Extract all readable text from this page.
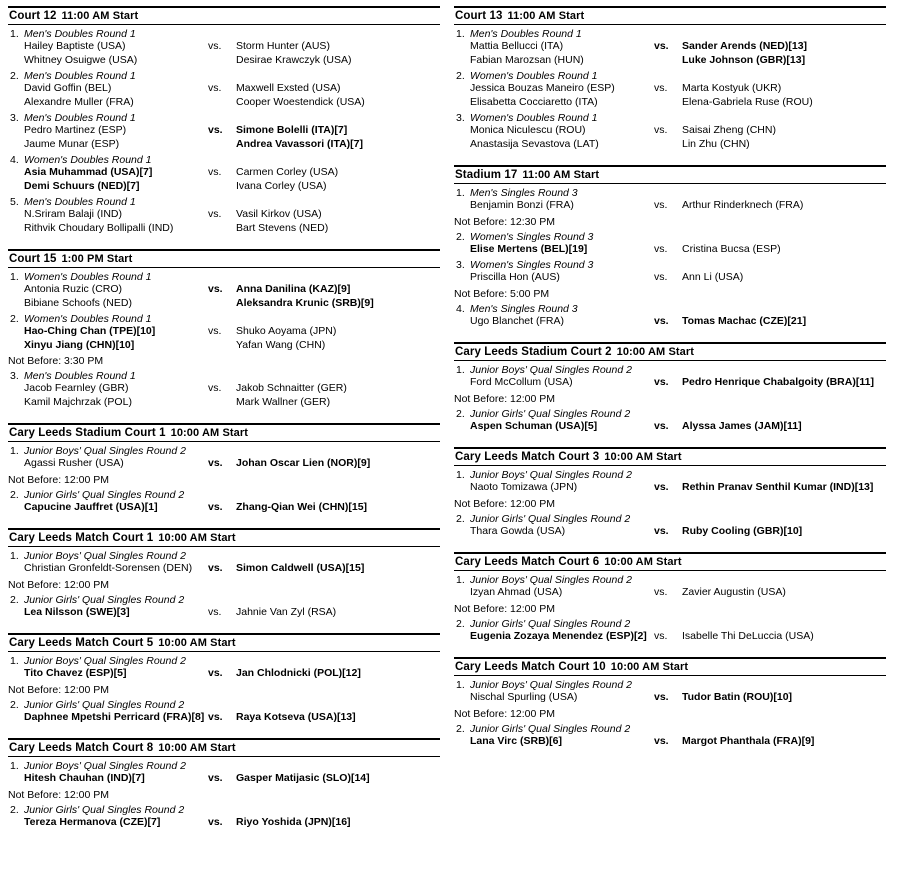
Court 12 11:00 AM Start
1. Men's Doubles Round 1
Hailey Baptiste (USA)
Whitney Osuigwe (USA)
vs.	Storm Hunter (AUS)
Desirae Krawczyk (USA)
2. Men's Doubles Round 1
David Goffin (BEL)
Alexandre Muller (FRA)
vs.	Maxwell Exsted (USA)
Cooper Woestendick (USA)
3. Men's Doubles Round 1
Pedro Martinez (ESP)
Jaume Munar (ESP)
vs.	Simone Bolelli (ITA)[7]
Andrea Vavassori (ITA)[7]
4. Women's Doubles Round 1
Asia Muhammad (USA)[7]
Demi Schuurs (NED)[7]
vs.	Carmen Corley (USA)
Ivana Corley (USA)
5. Men's Doubles Round 1
N.Sriram Balaji (IND)
Rithvik Choudary Bollipalli (IND)
vs.	Vasil Kirkov (USA)
Bart Stevens (NED)
Court 15 1:00 PM Start
1. Women's Doubles Round 1
Antonia Ruzic (CRO)
Bibiane Schoofs (NED)
vs.	Anna Danilina (KAZ)[9]
Aleksandra Krunic (SRB)[9]
2. Women's Doubles Round 1
Hao-Ching Chan (TPE)[10]
Xinyu Jiang (CHN)[10]
vs.	Shuko Aoyama (JPN)
Yafan Wang (CHN)
Not Before: 3:30 PM
3. Men's Doubles Round 1
Jacob Fearnley (GBR)
Kamil Majchrzak (POL)
vs.	Jakob Schnaitter (GER)
Mark Wallner (GER)
Cary Leeds Stadium Court 1 10:00 AM Start
1. Junior Boys' Qual Singles Round 2
Agassi Rusher (USA)	vs.	Johan Oscar Lien (NOR)[9]
Not Before: 12:00 PM
2. Junior Girls' Qual Singles Round 2
Capucine Jauffret (USA)[1]	vs.	Zhang-Qian Wei (CHN)[15]
Cary Leeds Match Court 1 10:00 AM Start
1. Junior Boys' Qual Singles Round 2
Christian Gronfeldt-Sorensen (DEN)	vs.	Simon Caldwell (USA)[15]
Not Before: 12:00 PM
2. Junior Girls' Qual Singles Round 2
Lea Nilsson (SWE)[3]	vs.	Jahnie Van Zyl (RSA)
Cary Leeds Match Court 5 10:00 AM Start
1. Junior Boys' Qual Singles Round 2
Tito Chavez (ESP)[5]	vs.	Jan Chlodnicki (POL)[12]
Not Before: 12:00 PM
2. Junior Girls' Qual Singles Round 2
Daphnee Mpetshi Perricard (FRA)[8] vs.	Raya Kotseva (USA)[13]
Cary Leeds Match Court 8 10:00 AM Start
1. Junior Boys' Qual Singles Round 2
Hitesh Chauhan (IND)[7]	vs.	Gasper Matijasic (SLO)[14]
Not Before: 12:00 PM
2. Junior Girls' Qual Singles Round 2
Tereza Hermanova (CZE)[7]	vs.	Riyo Yoshida (JPN)[16]
Court 13 11:00 AM Start
1. Men's Doubles Round 1
Mattia Bellucci (ITA)
Fabian Marozsan (HUN)
vs.	Sander Arends (NED)[13]
Luke Johnson (GBR)[13]
2. Women's Doubles Round 1
Jessica Bouzas Maneiro (ESP)
Elisabetta Cocciaretto (ITA)
vs.	Marta Kostyuk (UKR)
Elena-Gabriela Ruse (ROU)
3. Women's Doubles Round 1
Monica Niculescu (ROU)
Anastasija Sevastova (LAT)
vs.	Saisai Zheng (CHN)
Lin Zhu (CHN)
Stadium 17 11:00 AM Start
1. Men's Singles Round 3
Benjamin Bonzi (FRA)	vs.	Arthur Rinderknech (FRA)
Not Before: 12:30 PM
2. Women's Singles Round 3
Elise Mertens (BEL)[19]	vs.	Cristina Bucsa (ESP)
3. Women's Singles Round 3
Priscilla Hon (AUS)	vs.	Ann Li (USA)
Not Before: 5:00 PM
4. Men's Singles Round 3
Ugo Blanchet (FRA)	vs.	Tomas Machac (CZE)[21]
Cary Leeds Stadium Court 2 10:00 AM Start
1. Junior Boys' Qual Singles Round 2
Ford McCollum (USA)	vs.	Pedro Henrique Chabalgoity (BRA)[11]
Not Before: 12:00 PM
2. Junior Girls' Qual Singles Round 2
Aspen Schuman (USA)[5]	vs.	Alyssa James (JAM)[11]
Cary Leeds Match Court 3 10:00 AM Start
1. Junior Boys' Qual Singles Round 2
Naoto Tomizawa (JPN)	vs.	Rethin Pranav Senthil Kumar (IND)[13]
Not Before: 12:00 PM
2. Junior Girls' Qual Singles Round 2
Thara Gowda (USA)	vs.	Ruby Cooling (GBR)[10]
Cary Leeds Match Court 6 10:00 AM Start
1. Junior Boys' Qual Singles Round 2
Izyan Ahmad (USA)	vs.	Zavier Augustin (USA)
Not Before: 12:00 PM
2. Junior Girls' Qual Singles Round 2
Eugenia Zozaya Menendez (ESP)[2] vs.	Isabelle Thi DeLuccia (USA)
Cary Leeds Match Court 10 10:00 AM Start
1. Junior Boys' Qual Singles Round 2
Nischal Spurling (USA)	vs.	Tudor Batin (ROU)[10]
Not Before: 12:00 PM
2. Junior Girls' Qual Singles Round 2
Lana Virc (SRB)[6]	vs.	Margot Phanthala (FRA)[9]
